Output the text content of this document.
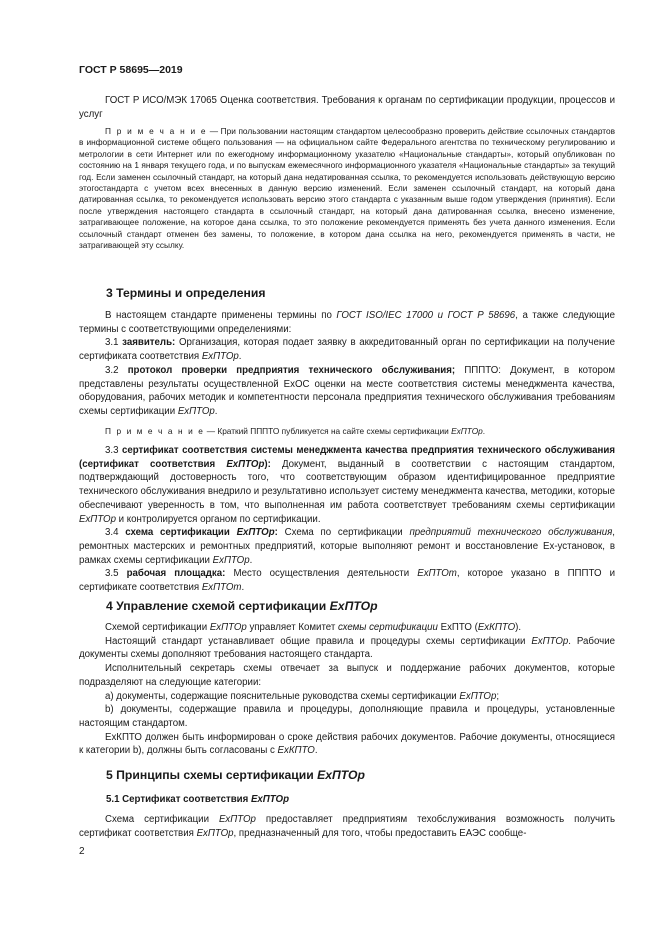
ГОСТ Р 58695—2019

ГОСТ Р ИСО/МЭК 17065 Оценка соответствия. Требования к органам по сертификации продукции, процессов и услуг

П р и м е ч а н и е — При пользовании настоящим стандартом целесообразно проверить действие ссылочных стандартов в информационной системе общего пользования — на официальном сайте Федерального агентства по техническому регулированию и метрологии в сети Интернет или по ежегодному информационному указателю «Национальные стандарты», который опубликован по состоянию на 1 января текущего года, и по выпускам ежемесячного информационного указателя «Национальные стандарты» за текущий год. Если заменен ссылочный стандарт, на который дана недатированная ссылка, то рекомендуется использовать действующую версию этогостандарта с учетом всех внесенных в данную версию изменений. Если заменен ссылочный стандарт, на который дана датированная ссылка, то рекомендуется использовать версию этого стандарта с указанным выше годом утверждения (принятия). Если после утверждения настоящего стандарта в ссылочный стандарт, на который дана датированная ссылка, внесено изменение, затрагивающее положение, на которое дана ссылка, то это положение рекомендуется применять без учета данного изменения. Если ссылочный стандарт отменен без замены, то положение, в котором дана ссылка на него, рекомендуется применять в части, не затрагивающей эту ссылку.

3 Термины и определения

В настоящем стандарте применены термины по ГОСТ ISO/IEC 17000 и ГОСТ Р 58696, а также следующие термины с соответствующими определениями:

3.1 заявитель: Организация, которая подает заявку в аккредитованный орган по сертификации на получение сертификата соответствия ExПТОр.

3.2 протокол проверки предприятия технического обслуживания; ПППТО: Документ, в котором представлены результаты осуществленной ExOC оценки на месте соответствия системы менеджмента качества, оборудования, рабочих методик и компетентности персонала предприятия технического обслуживания требованиям схемы сертификации ExПТОр.

П р и м е ч а н и е — Краткий ПППТО публикуется на сайте схемы сертификации ExПТОр.

3.3 сертификат соответствия системы менеджмента качества предприятия технического обслуживания (сертификат соответствия ExПТОр): Документ, выданный в соответствии с настоящим стандартом, подтверждающий достоверность того, что соответствующим образом идентифицированное предприятие технического обслуживания внедрило и результативно использует систему менеджмента качества, методики, которые обеспечивают уверенность в том, что выполненная им работа соответствует требованиям схемы сертификации ExПТОр и контролируется органом по сертификации.

3.4 схема сертификации ExПТОр: Схема по сертификации предприятий технического обслуживания, ремонтных мастерских и ремонтных предприятий, которые выполняют ремонт и восстановление Ex-установок, в рамках схемы сертификации ExПТОр.

3.5 рабочая площадка: Место осуществления деятельности ExПТОт, которое указано в ПППТО и сертификате соответствия ExПТОт.

4 Управление схемой сертификации ExПТОр

Схемой сертификации ExПТОр управляет Комитет схемы сертификации ExПТО (ExКПТО).

Настоящий стандарт устанавливает общие правила и процедуры схемы сертификации ExПТОр. Рабочие документы схемы дополняют требования настоящего стандарта.

Исполнительный секретарь схемы отвечает за выпуск и поддержание рабочих документов, которые подразделяют на следующие категории:

а) документы, содержащие пояснительные руководства схемы сертификации ExПТОр;

b) документы, содержащие правила и процедуры, дополняющие правила и процедуры, установленные настоящим стандартом.

ExКПТО должен быть информирован о сроке действия рабочих документов. Рабочие документы, относящиеся к категории b), должны быть согласованы c ExКПТО.

5 Принципы схемы сертификации ExПТОр

5.1 Сертификат соответствия ExПТОр

Схема сертификации ExПТОр предоставляет предприятиям техобслуживания возможность получить сертификат соответствия ExПТОр, предназначенный для того, чтобы предоставить ЕАЭС сообще-

2
